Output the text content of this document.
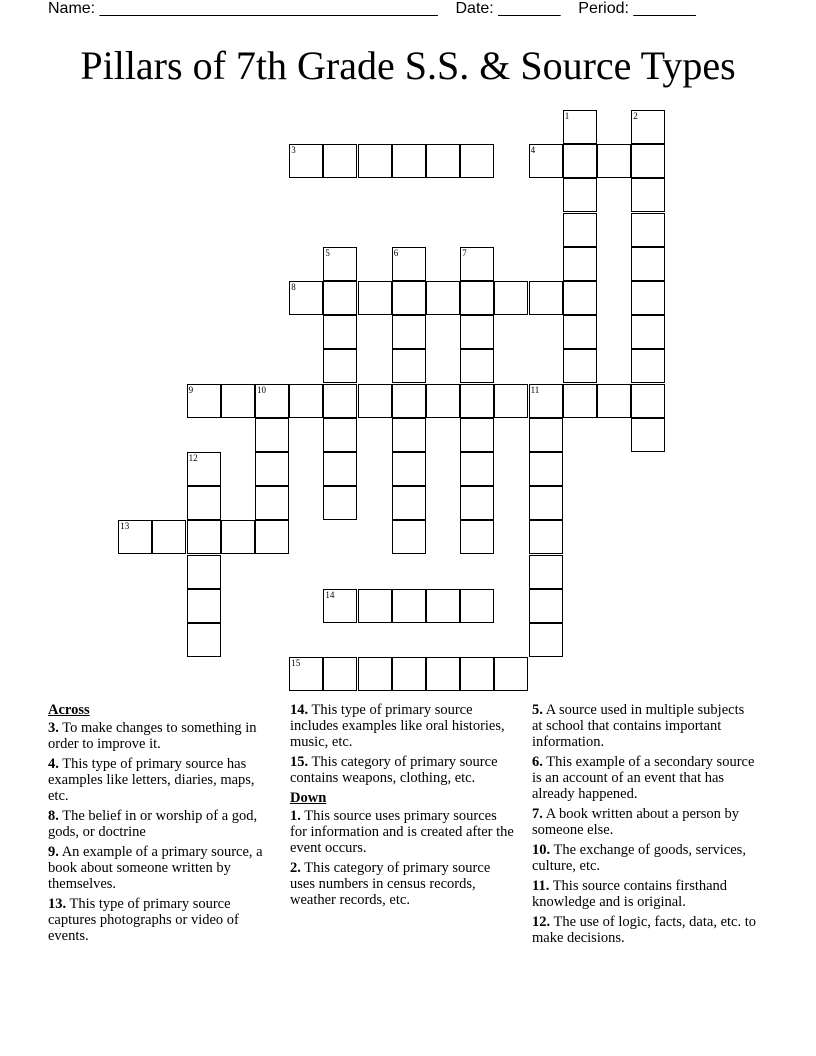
Name: ______________________________________ Date: _______ Period: _______
Pillars of 7th Grade S.S. & Source Types
1	2
3	4
5	6	7
8
9	10	11
12
13
14
15
Across
3. To make changes to something in order to improve it.
4. This type of primary source has examples like letters, diaries, maps, etc.
8. The belief in or worship of a god, gods, or doctrine
9. An example of a primary source, a book about someone written by themselves.
13. This type of primary source captures photographs or video of events.
14. This type of primary source includes examples like oral histories, music, etc.
15. This category of primary source contains weapons, clothing, etc.
Down
1. This source uses primary sources for information and is created after the event occurs.
2. This category of primary source uses numbers in census records, weather records, etc.
5. A source used in multiple subjects at school that contains important information.
6. This example of a secondary source is an account of an event that has already happened.
7. A book written about a person by someone else.
10. The exchange of goods, services, culture, etc.
11. This source contains firsthand knowledge and is original.
12. The use of logic, facts, data, etc. to make decisions.
